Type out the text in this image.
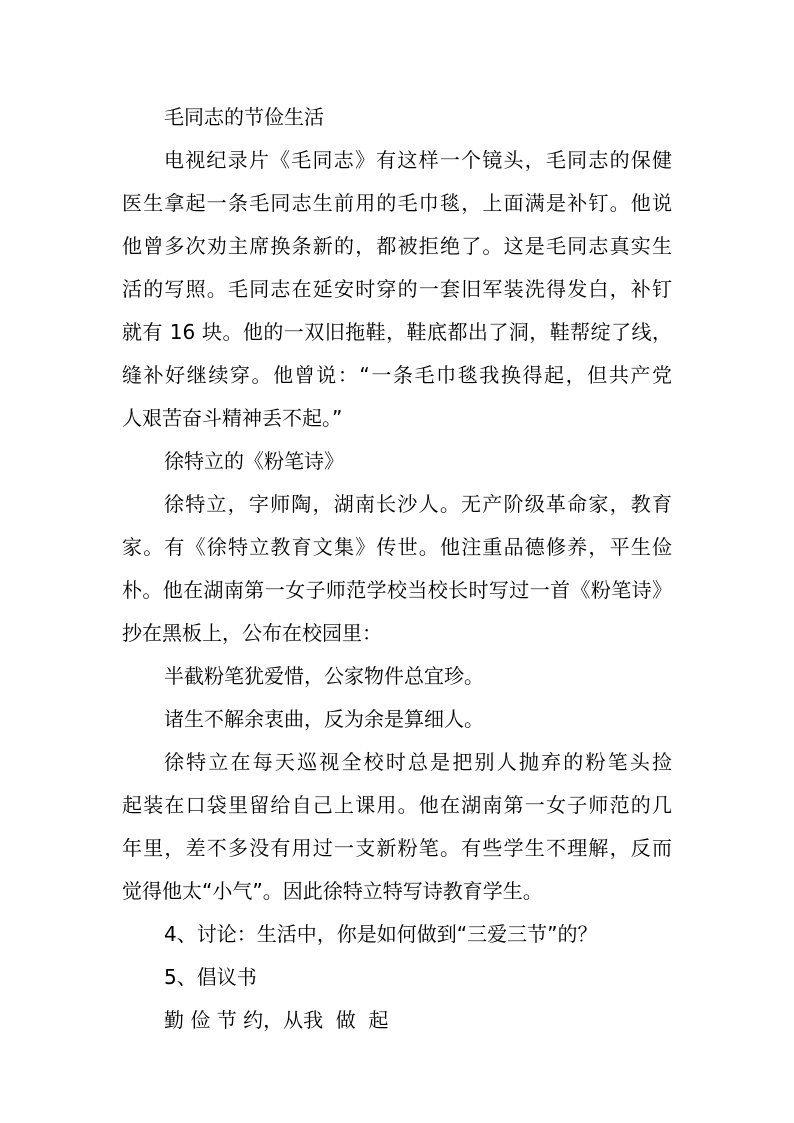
毛同志的节俭生活
电视纪录片《毛同志》有这样一个镜头，毛同志的保健
医生拿起一条毛同志生前用的毛巾毯，上面满是补钉。他说
他曾多次劝主席换条新的，都被拒绝了。这是毛同志真实生
活的写照。毛同志在延安时穿的一套旧军装洗得发白，补钉
就有 16 块。他的一双旧拖鞋，鞋底都出了洞，鞋帮绽了线，
缝补好继续穿。他曾说：“一条毛巾毯我换得起，但共产党
人艰苦奋斗精神丢不起。”
徐特立的《粉笔诗》
徐特立，字师陶，湖南长沙人。无产阶级革命家，教育
家。有《徐特立教育文集》传世。他注重品德修养，平生俭
朴。他在湖南第一女子师范学校当校长时写过一首《粉笔诗》
抄在黑板上，公布在校园里：
半截粉笔犹爱惜，公家物件总宜珍。
诸生不解余衷曲，反为余是算细人。
徐特立在每天巡视全校时总是把别人抛弃的粉笔头捡
起装在口袋里留给自己上课用。他在湖南第一女子师范的几
年里，差不多没有用过一支新粉笔。有些学生不理解，反而
觉得他太“小气”。因此徐特立特写诗教育学生。
4、讨论：生活中，你是如何做到“三爱三节”的？
5、倡议书
勤 俭 节 约，从我  做  起
